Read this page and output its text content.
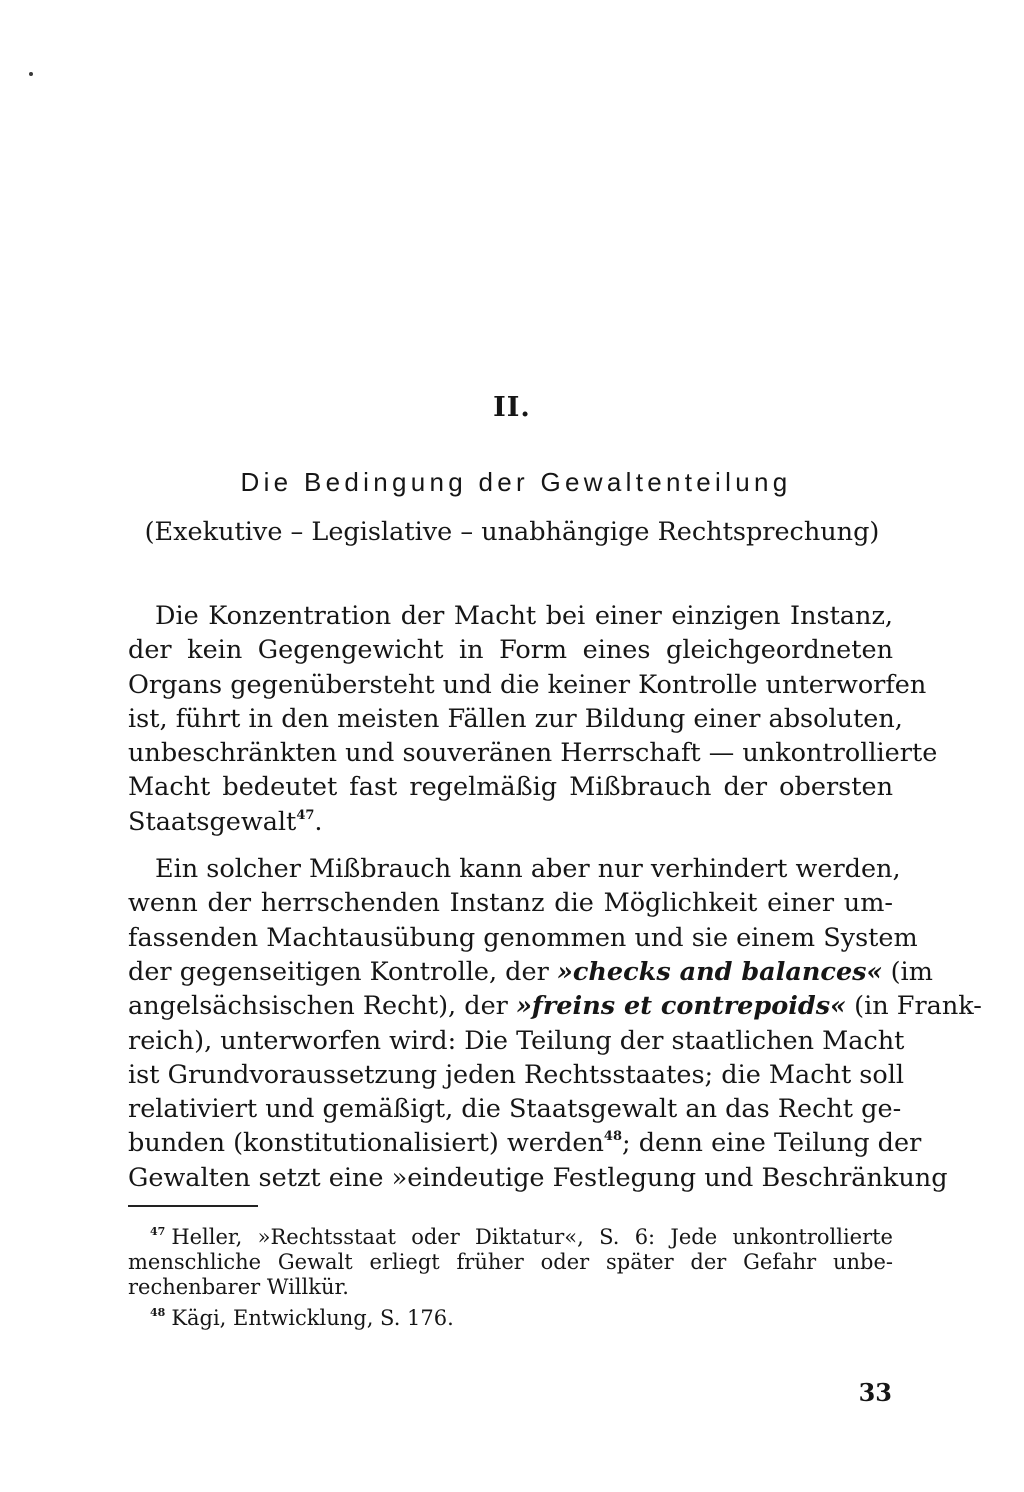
II.
Die Bedingung der Gewaltenteilung
(Exekutive – Legislative – unabhängige Rechtsprechung)

Die Konzentration der Macht bei einer einzigen Instanz,
der kein Gegengewicht in Form eines gleichgeordneten
Organs gegenübersteht und die keiner Kontrolle unterworfen
ist, führt in den meisten Fällen zur Bildung einer absoluten,
unbeschränkten und souveränen Herrschaft — unkontrollierte
Macht bedeutet fast regelmäßig Mißbrauch der obersten
Staatsgewalt$^{47}$.

Ein solcher Mißbrauch kann aber nur verhindert werden,
wenn der herrschenden Instanz die Möglichkeit einer um-
fassenden Machtausübung genommen und sie einem System
der gegenseitigen Kontrolle, der »checks and balances« (im
angelsächsischen Recht), der »freins et contrepoids« (in Frank-
reich), unterworfen wird: Die Teilung der staatlichen Macht
ist Grundvoraussetzung jeden Rechtsstaates; die Macht soll
relativiert und gemäßigt, die Staatsgewalt an das Recht ge-
bunden (konstitutionalisiert) werden$^{48}$; denn eine Teilung der
Gewalten setzt eine »eindeutige Festlegung und Beschränkung

$^{47}$ Heller, »Rechtsstaat oder Diktatur«, S. 6: Jede unkontrollierte
menschliche Gewalt erliegt früher oder später der Gefahr unbe-
rechenbarer Willkür.
$^{48}$ Kägi, Entwicklung, S. 176.
33
